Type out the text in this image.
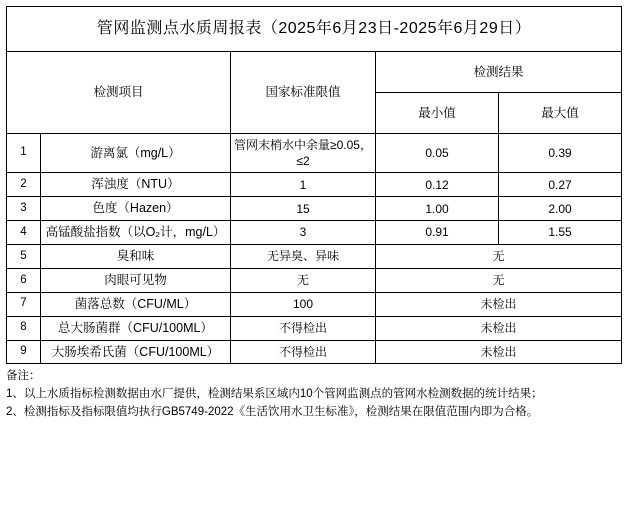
管网监测点水质周报表（2025年6月23日-2025年6月29日）				
检测项目		国家标准限值	检测结果	
			最小值	最大值
1	游离氯（mg/L）	管网末梢水中余量≥0.05，≤2	0.05	0.39
2	浑浊度（NTU）	1	0.12	0.27
3	色度（Hazen）	15	1.00	2.00
4	高锰酸盐指数（以O₂计，mg/L）	3	0.91	1.55
5	臭和味	无异臭、异味	无	
6	肉眼可见物	无	无	
7	菌落总数（CFU/ML）	100	未检出	
8	总大肠菌群（CFU/100ML）	不得检出	未检出	
9	大肠埃希氏菌（CFU/100ML）	不得检出	未检出	
备注：
1、以上水质指标检测数据由水厂提供，检测结果系区域内10个管网监测点的管网水检测数据的统计结果；
2、检测指标及指标限值均执行GB5749-2022《生活饮用水卫生标准》，检测结果在限值范围内即为合格。
